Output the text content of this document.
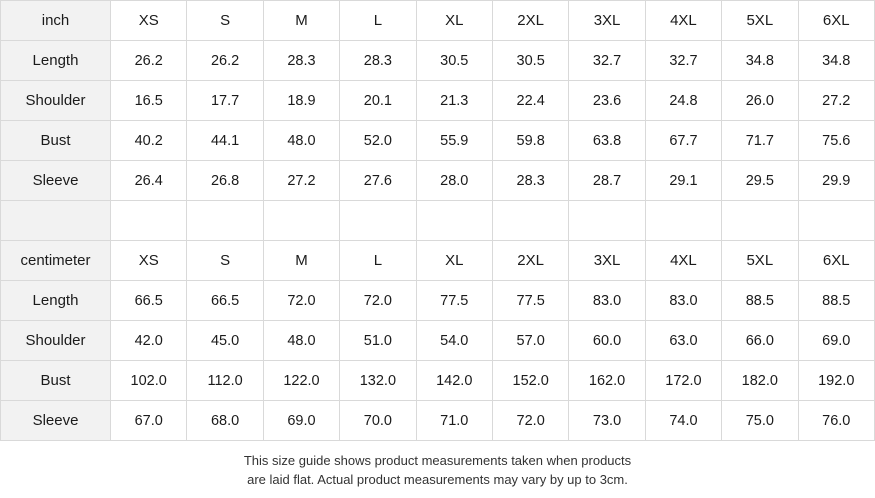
inch	XS	S	M	L	XL	2XL	3XL	4XL	5XL	6XL
Length	26.2	26.2	28.3	28.3	30.5	30.5	32.7	32.7	34.8	34.8
Shoulder	16.5	17.7	18.9	20.1	21.3	22.4	23.6	24.8	26.0	27.2
Bust	40.2	44.1	48.0	52.0	55.9	59.8	63.8	67.7	71.7	75.6
Sleeve	26.4	26.8	27.2	27.6	28.0	28.3	28.7	29.1	29.5	29.9

centimeter	XS	S	M	L	XL	2XL	3XL	4XL	5XL	6XL
Length	66.5	66.5	72.0	72.0	77.5	77.5	83.0	83.0	88.5	88.5
Shoulder	42.0	45.0	48.0	51.0	54.0	57.0	60.0	63.0	66.0	69.0
Bust	102.0	112.0	122.0	132.0	142.0	152.0	162.0	172.0	182.0	192.0
Sleeve	67.0	68.0	69.0	70.0	71.0	72.0	73.0	74.0	75.0	76.0
This size guide shows product measurements taken when products
are laid flat. Actual product measurements may vary by up to 3cm.
